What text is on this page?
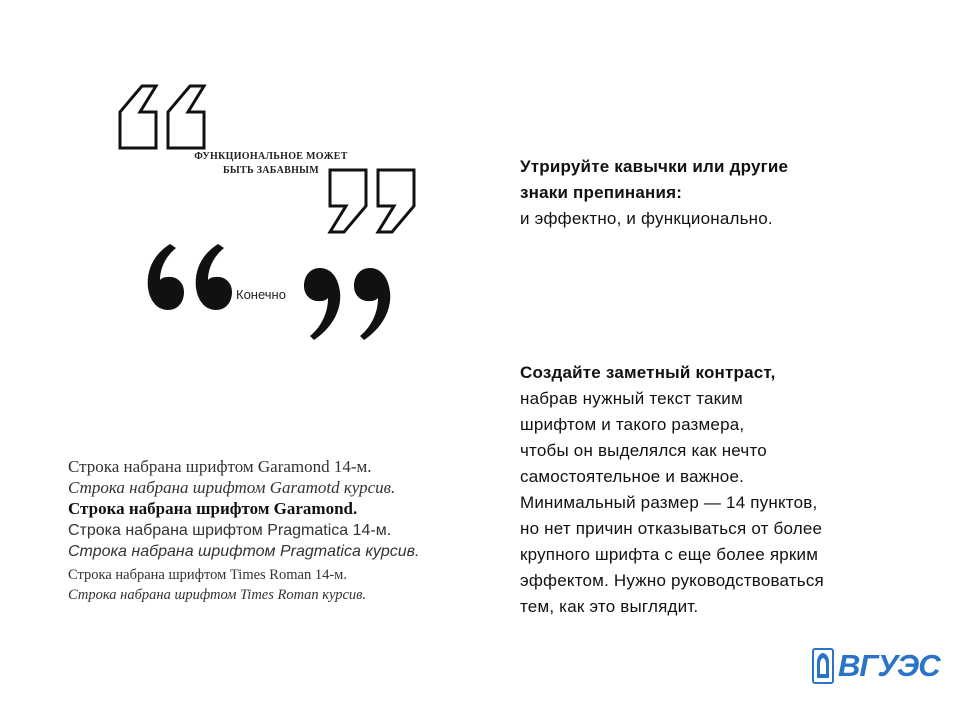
ФУНКЦИОНАЛЬНОЕ МОЖЕТ
БЫТЬ ЗАБАВНЫМ
Конечно
Строка набрана шрифтом Garamond 14-м.
Строка набрана шрифтом Garamotd курсив.
Строка набрана шрифтом Garamond.
Строка набрана шрифтом Pragmatica 14-м.
Строка набрана шрифтом Pragmatica курсив.
Строка набрана шрифтом Times Roman 14-м.
Строка набрана шрифтом Times Roman курсив.
Утрируйте кавычки или другие
знаки препинания:
и эффектно, и функционально.
Создайте заметный контраст,
набрав нужный текст таким
шрифтом и такого размера,
чтобы он выделялся как нечто
самостоятельное и важное.
Минимальный размер — 14 пунктов,
но нет причин отказываться от более
крупного шрифта с еще более ярким
эффектом. Нужно руководствоваться
тем, как это выглядит.
ВГУЭС
